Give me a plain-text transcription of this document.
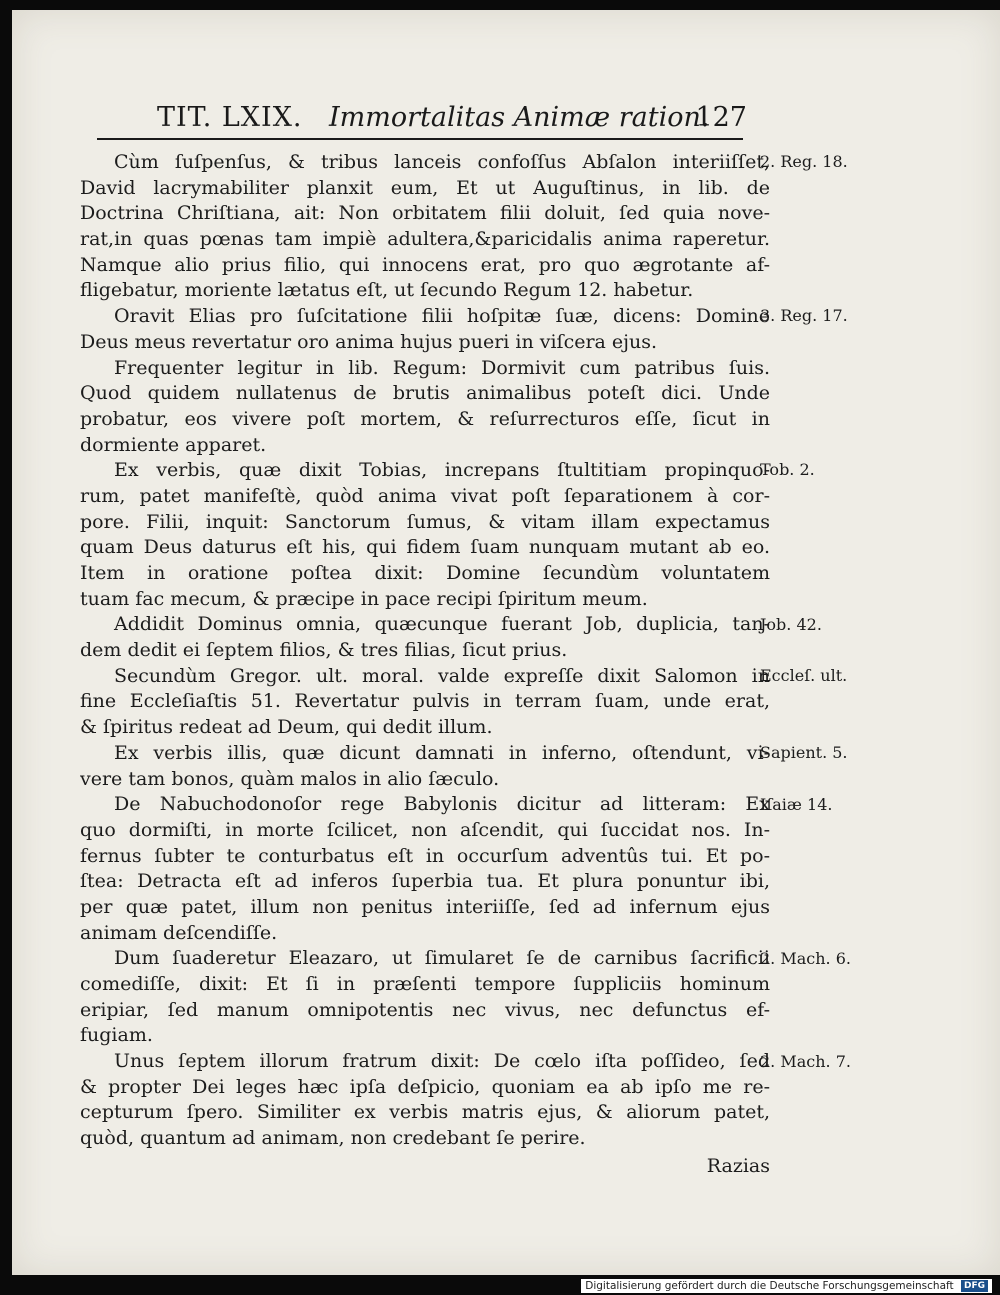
TIT. LXIX. Immortalitas Animæ ration.
127
Cùm ſuſpenſus, & tribus lanceis confoſſus Abſalon interiiſſet,
David lacrymabiliter planxit eum, Et ut Auguſtinus, in lib. de
Doctrina Chriſtiana, ait: Non orbitatem filii doluit, ſed quia nove-
rat,in quas pœnas tam impiè adultera,&paricidalis anima raperetur.
Namque alio prius filio, qui innocens erat, pro quo ægrotante af-
fligebatur, moriente lætatus eſt, ut ſecundo Regum 12. habetur.
Oravit Elias pro ſuſcitatione filii hoſpitæ ſuæ, dicens: Domine
Deus meus revertatur oro anima hujus pueri in viſcera ejus.
Frequenter legitur in lib. Regum: Dormivit cum patribus ſuis.
Quod quidem nullatenus de brutis animalibus poteſt dici. Unde
probatur, eos vivere poſt mortem, & reſurrecturos eſſe, ſicut in
dormiente apparet.
Ex verbis, quæ dixit Tobias, increpans ſtultitiam propinquo-
rum, patet manifeſtè, quòd anima vivat poſt ſeparationem à cor-
pore. Filii, inquit: Sanctorum ſumus, & vitam illam expectamus
quam Deus daturus eſt his, qui fidem ſuam nunquam mutant ab eo.
Item in oratione poſtea dixit: Domine ſecundùm voluntatem
tuam fac mecum, & præcipe in pace recipi ſpiritum meum.
Addidit Dominus omnia, quæcunque fuerant Job, duplicia, tan-
dem dedit ei ſeptem filios, & tres filias, ſicut prius.
Secundùm Gregor. ult. moral. valde expreſſe dixit Salomon in
fine Eccleſiaſtis 51. Revertatur pulvis in terram ſuam, unde erat,
& ſpiritus redeat ad Deum, qui dedit illum.
Ex verbis illis, quæ dicunt damnati in inferno, oſtendunt, vi-
vere tam bonos, quàm malos in alio ſæculo.
De Nabuchodonoſor rege Babylonis dicitur ad litteram: Ex
quo dormiſti, in morte ſcilicet, non aſcendit, qui ſuccidat nos. In-
fernus ſubter te conturbatus eſt in occurſum adventûs tui. Et po-
ſtea: Detracta eſt ad inferos ſuperbia tua. Et plura ponuntur ibi,
per quæ patet, illum non penitus interiiſſe, ſed ad infernum ejus
animam deſcendiſſe.
Dum ſuaderetur Eleazaro, ut ſimularet ſe de carnibus ſacrificii
comediſſe, dixit: Et ſi in præſenti tempore ſuppliciis hominum
eripiar, ſed manum omnipotentis nec vivus, nec defunctus ef-
fugiam.
Unus ſeptem illorum fratrum dixit: De cœlo iſta poſſideo, ſed
& propter Dei leges hæc ipſa deſpicio, quoniam ea ab ipſo me re-
cepturum ſpero. Similiter ex verbis matris ejus, & aliorum patet,
quòd, quantum ad animam, non credebant ſe perire.
Razias
2. Reg. 18.
3. Reg. 17.
Tob. 2.
Job. 42.
Eccleſ. ult.
Sapient. 5.
Iſaiæ 14.
2. Mach. 6.
2. Mach. 7.
Digitalisierung gefördert durch die Deutsche Forschungsgemeinschaft DFG
